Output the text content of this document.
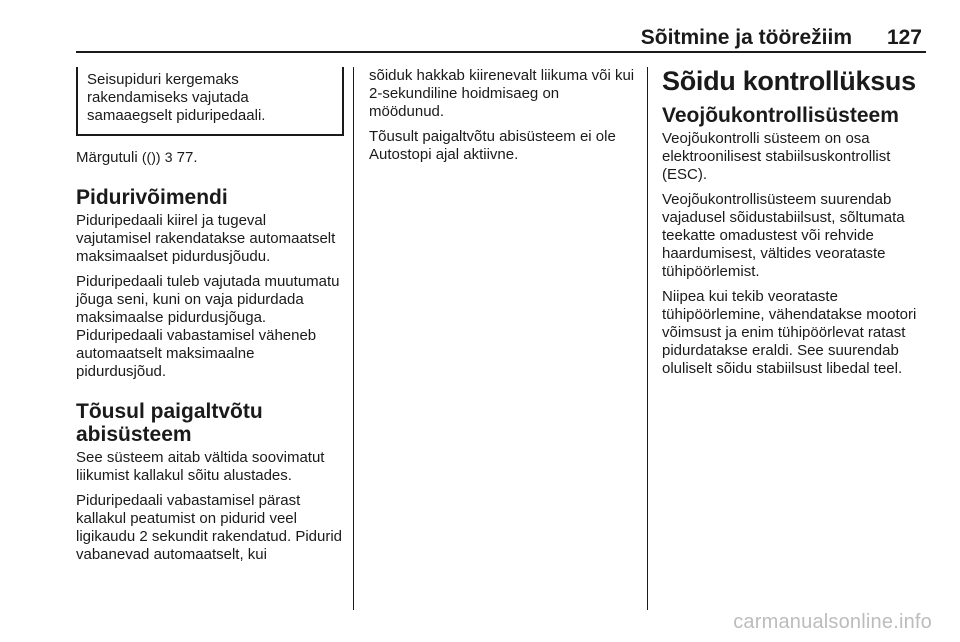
Sõitmine ja töörežiim 127

Seisupiduri kergemaks rakendamiseks vajutada samaaegselt piduripedaali.

Märgutuli (()) 3 77.

Pidurivõimendi

Piduripedaali kiirel ja tugeval vajutamisel rakendatakse automaatselt maksimaalset pidurdusjõudu.

Piduripedaali tuleb vajutada muutumatu jõuga seni, kuni on vaja pidurdada maksimaalse pidurdusjõuga. Piduripedaali vabastamisel väheneb automaatselt maksimaalne pidurdusjõud.

Tõusul paigaltvõtu abisüsteem

See süsteem aitab vältida soovimatut liikumist kallakul sõitu alustades.

Piduripedaali vabastamisel pärast kallakul peatumist on pidurid veel ligikaudu 2 sekundit rakendatud. Pidurid vabanevad automaatselt, kui

sõiduk hakkab kiirenevalt liikuma või kui 2-sekundiline hoidmisaeg on möödunud.

Tõusult paigaltvõtu abisüsteem ei ole Autostopi ajal aktiivne.

Sõidu kontrollüksus
Veojõukontrollisüsteem

Veojõukontrolli süsteem on osa elektroonilisest stabiilsuskontrollist (ESC).

Veojõukontrollisüsteem suurendab vajadusel sõidustabiilsust, sõltumata teekatte omadustest või rehvide haardumisest, vältides veorataste tühipöörlemist.

Niipea kui tekib veorataste tühipöörlemine, vähendatakse mootori võimsust ja enim tühipöörlevat ratast pidurdatakse eraldi. See suurendab oluliselt sõidu stabiilsust libedal teel.

carmanualsonline.info
